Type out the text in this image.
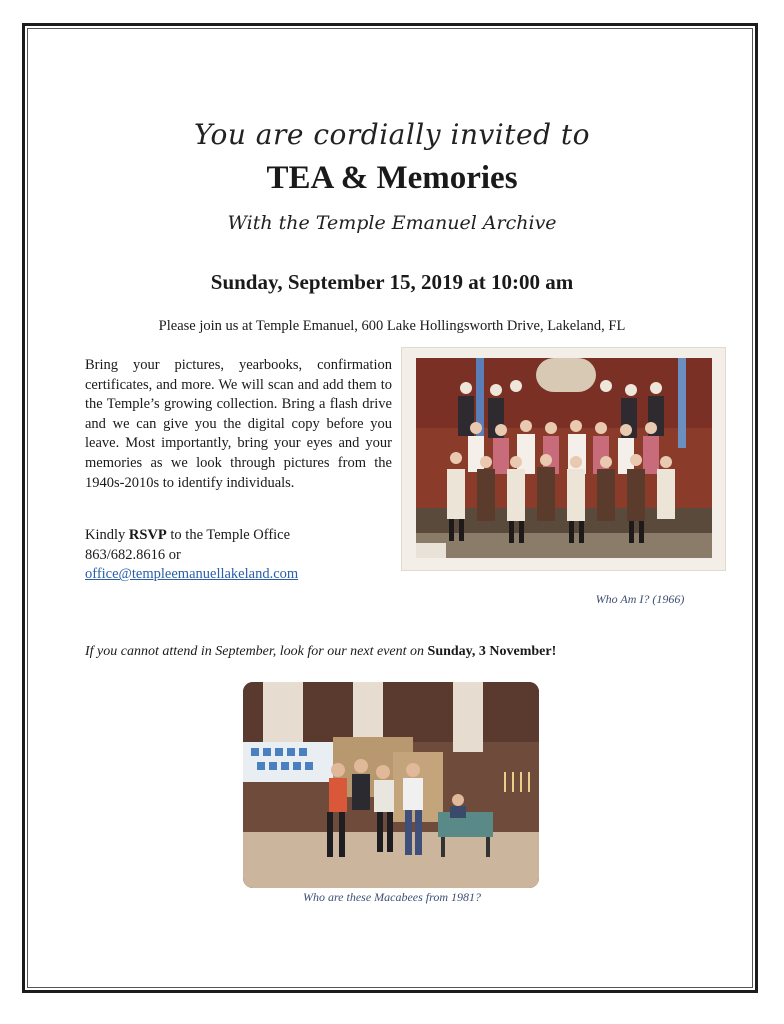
You are cordially invited to
TEA & Memories
With the Temple Emanuel Archive
Sunday, September 15, 2019 at 10:00 am
Please join us at Temple Emanuel, 600 Lake Hollingsworth Drive, Lakeland, FL
Bring your pictures, yearbooks, confirmation certificates, and more. We will scan and add them to the Temple’s growing collection. Bring a flash drive and we can give you the digital copy before you leave. Most importantly, bring your eyes and your memories as we look through pictures from the 1940s-2010s to identify individuals.
Kindly RSVP to the Temple Office
863/682.8616 or
office@templeemanuellakeland.com
Who Am I? (1966)
If you cannot attend in September, look for our next event on Sunday, 3 November!
Who are these Macabees from 1981?
